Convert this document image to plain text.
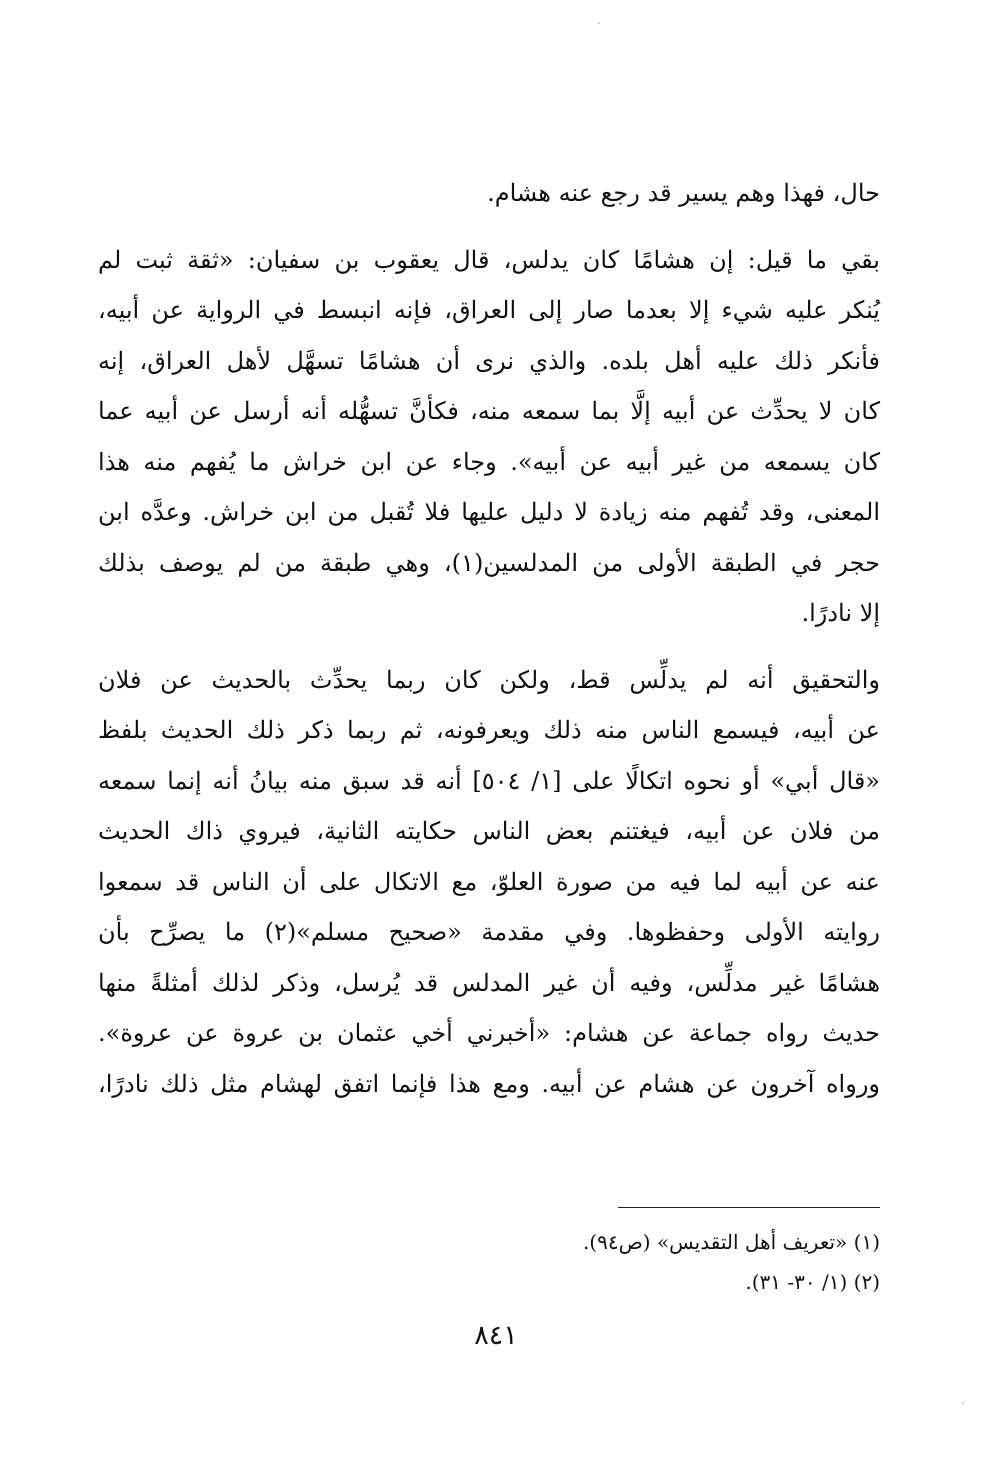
حال، فهذا وهم يسير قد رجع عنه هشام.

بقي ما قيل: إن هشامًا كان يدلس، قال يعقوب بن سفيان: «ثقة ثبت لم
يُنكر عليه شيء إلا بعدما صار إلى العراق، فإنه انبسط في الرواية عن أبيه،
فأنكر ذلك عليه أهل بلده. والذي نرى أن هشامًا تسهَّل لأهل العراق، إنه
كان لا يحدِّث عن أبيه إلَّا بما سمعه منه، فكأنَّ تسهُّله أنه أرسل عن أبيه عما
كان يسمعه من غير أبيه عن أبيه». وجاء عن ابن خراش ما يُفهم منه هذا
المعنى، وقد تُفهم منه زيادة لا دليل عليها فلا تُقبل من ابن خراش. وعدَّه ابن
حجر في الطبقة الأولى من المدلسين(١)، وهي طبقة من لم يوصف بذلك
إلا نادرًا.

والتحقيق أنه لم يدلِّس قط، ولكن كان ربما يحدِّث بالحديث عن فلان
عن أبيه، فيسمع الناس منه ذلك ويعرفونه، ثم ربما ذكر ذلك الحديث بلفظ
«قال أبي» أو نحوه اتكالًا على [١/ ٥٠٤] أنه قد سبق منه بيانُ أنه إنما سمعه
من فلان عن أبيه، فيغتنم بعض الناس حكايته الثانية، فيروي ذاك الحديث
عنه عن أبيه لما فيه من صورة العلوّ، مع الاتكال على أن الناس قد سمعوا
روايته الأولى وحفظوها. وفي مقدمة «صحيح مسلم»(٢) ما يصرِّح بأن
هشامًا غير مدلِّس، وفيه أن غير المدلس قد يُرسل، وذكر لذلك أمثلةً منها
حديث رواه جماعة عن هشام: «أخبرني أخي عثمان بن عروة عن عروة».
ورواه آخرون عن هشام عن أبيه. ومع هذا فإنما اتفق لهشام مثل ذلك نادرًا،

(١) «تعريف أهل التقديس» (ص٩٤).
(٢) (١/ ٣٠- ٣١).
٨٤١
